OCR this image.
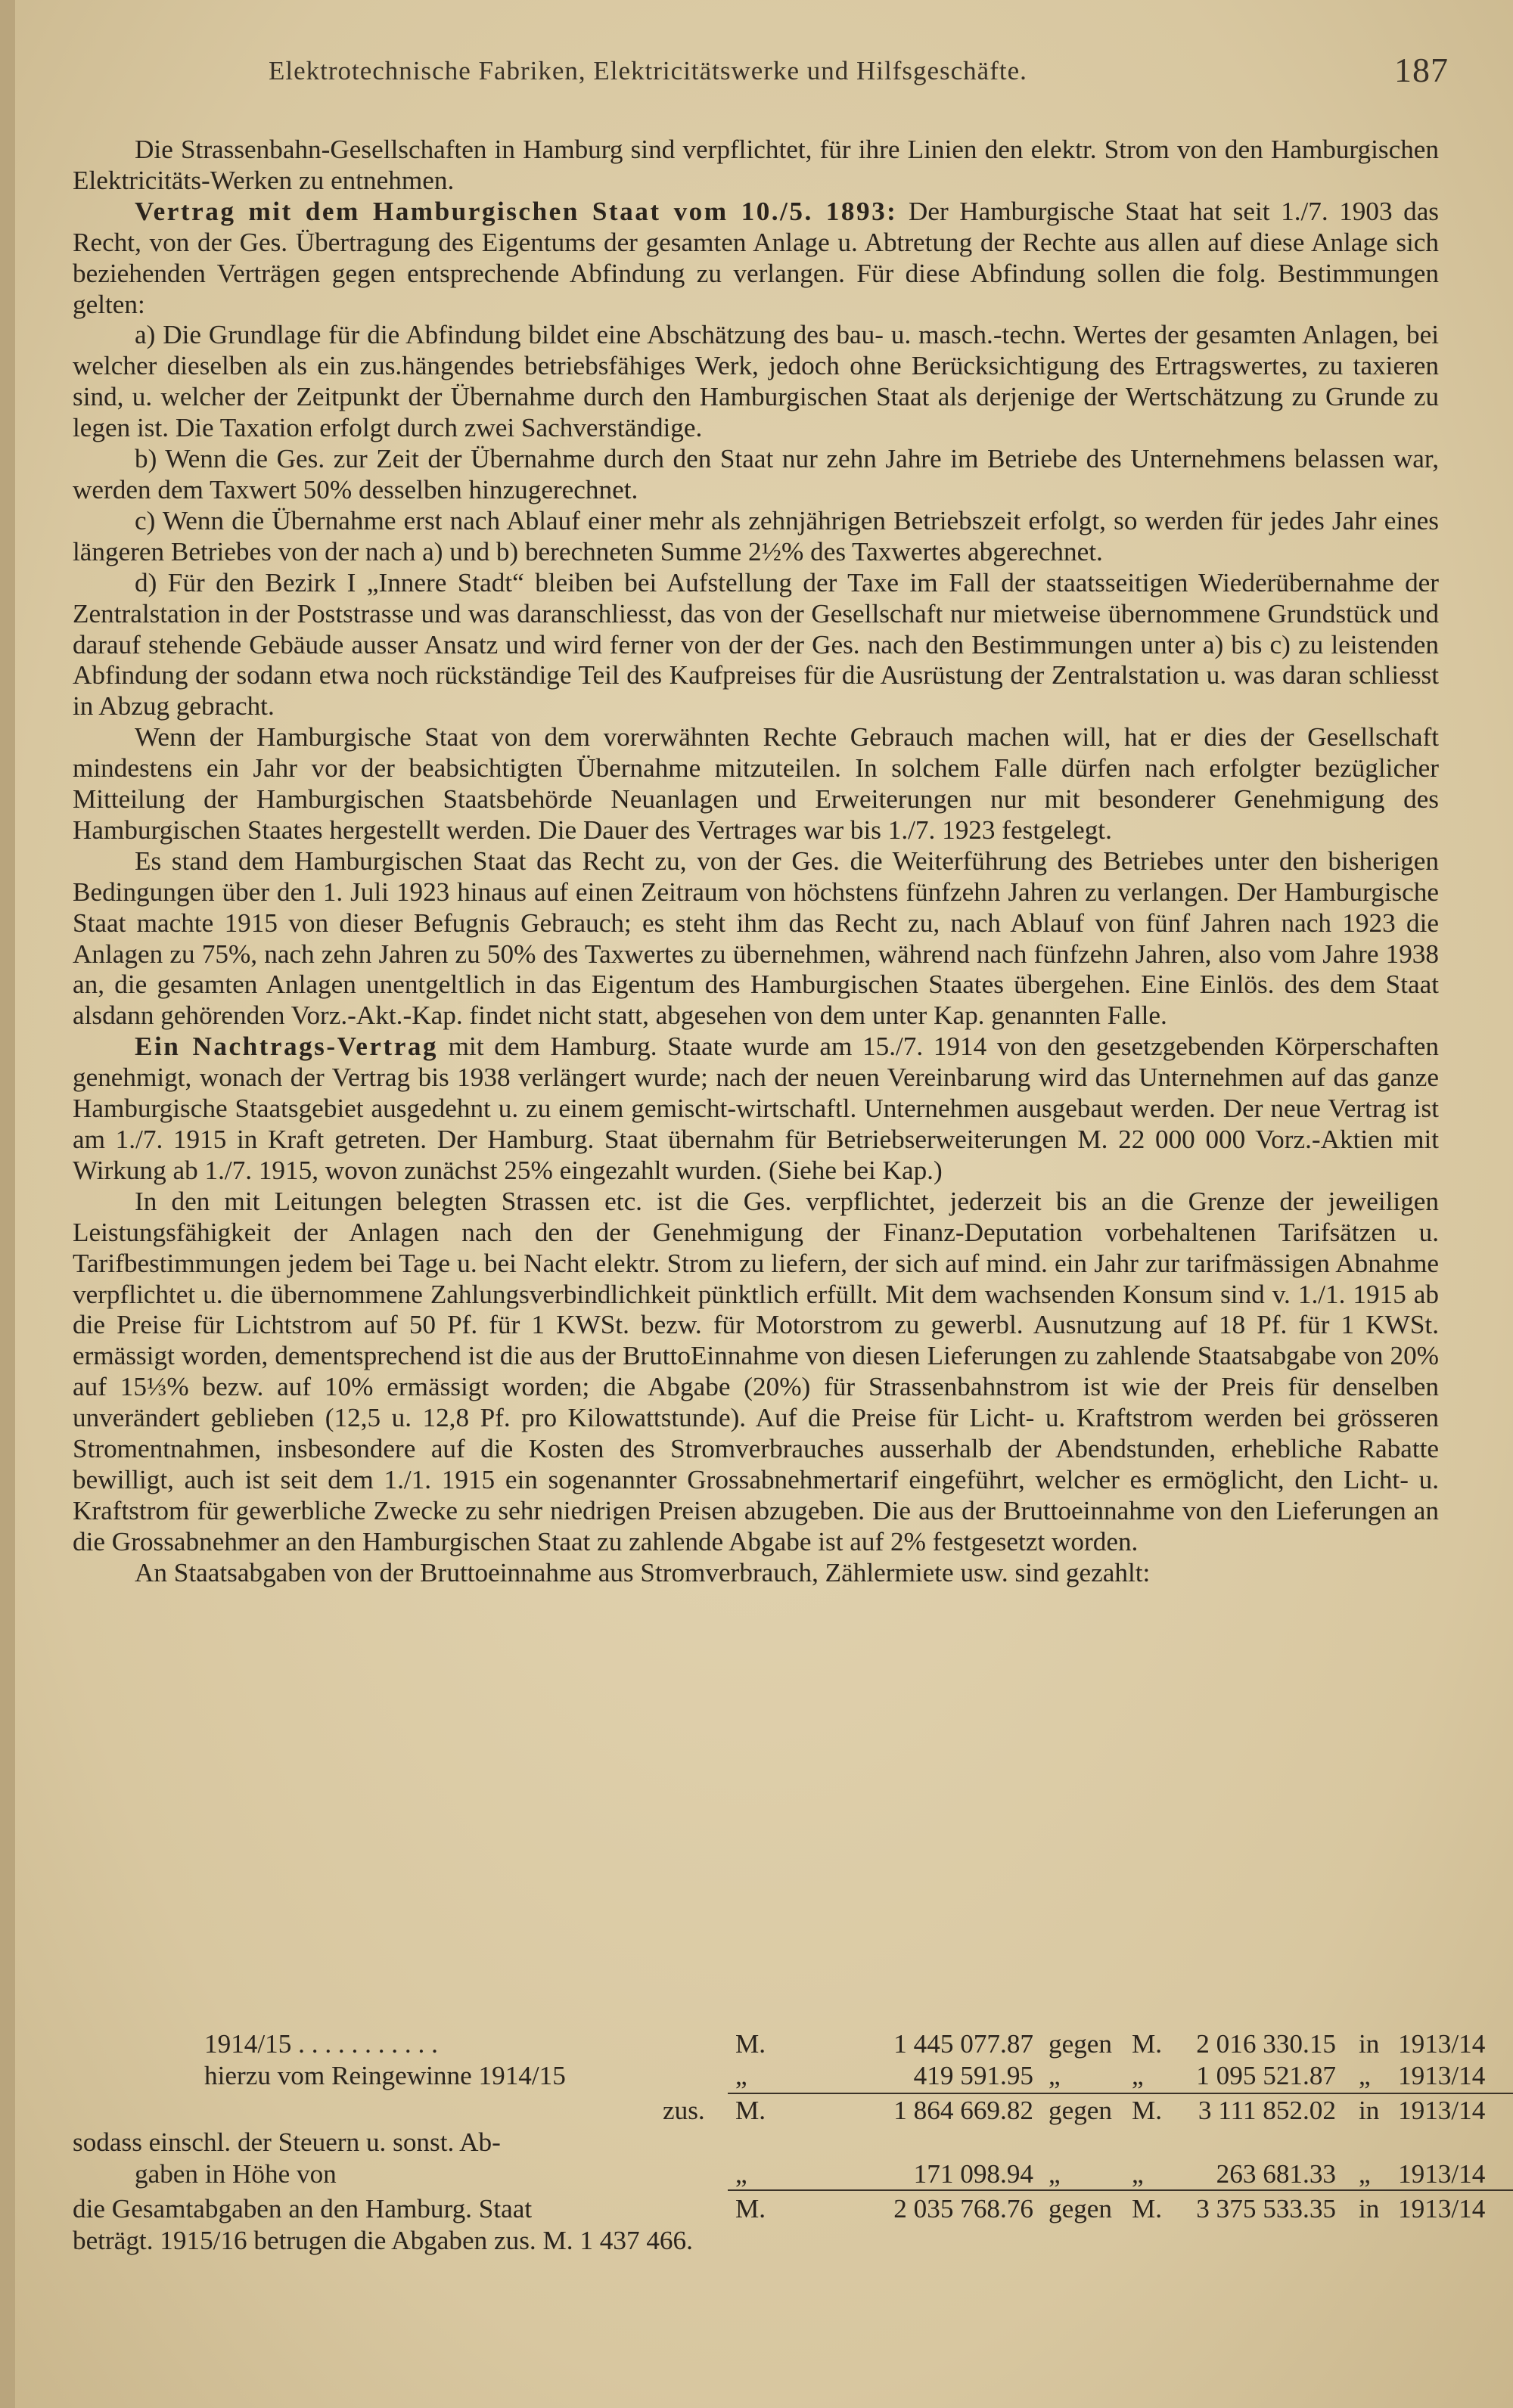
Elektrotechnische Fabriken, Elektricitätswerke und Hilfsgeschäfte.	187

Die Strassenbahn-Gesellschaften in Hamburg sind verpflichtet, für ihre Linien den elektr. Strom von den Hamburgischen Elektricitäts-Werken zu entnehmen.

Vertrag mit dem Hamburgischen Staat vom 10./5. 1893: Der Hamburgische Staat hat seit 1./7. 1903 das Recht, von der Ges. Übertragung des Eigentums der gesamten Anlage u. Abtretung der Rechte aus allen auf diese Anlage sich beziehenden Verträgen gegen entsprechende Abfindung zu verlangen. Für diese Abfindung sollen die folg. Bestimmungen gelten:

a) Die Grundlage für die Abfindung bildet eine Abschätzung des bau- u. masch.-techn. Wertes der gesamten Anlagen, bei welcher dieselben als ein zus.hängendes betriebsfähiges Werk, jedoch ohne Berücksichtigung des Ertragswertes, zu taxieren sind, u. welcher der Zeitpunkt der Übernahme durch den Hamburgischen Staat als derjenige der Wertschätzung zu Grunde zu legen ist. Die Taxation erfolgt durch zwei Sachverständige.

b) Wenn die Ges. zur Zeit der Übernahme durch den Staat nur zehn Jahre im Betriebe des Unternehmens belassen war, werden dem Taxwert 50% desselben hinzugerechnet.

c) Wenn die Übernahme erst nach Ablauf einer mehr als zehnjährigen Betriebszeit erfolgt, so werden für jedes Jahr eines längeren Betriebes von der nach a) und b) berechneten Summe 2½% des Taxwertes abgerechnet.

d) Für den Bezirk I „Innere Stadt“ bleiben bei Aufstellung der Taxe im Fall der staatsseitigen Wiederübernahme der Zentralstation in der Poststrasse und was daranschliesst, das von der Gesellschaft nur mietweise übernommene Grundstück und darauf stehende Gebäude ausser Ansatz und wird ferner von der der Ges. nach den Bestimmungen unter a) bis c) zu leistenden Abfindung der sodann etwa noch rückständige Teil des Kaufpreises für die Ausrüstung der Zentralstation u. was daran schliesst in Abzug gebracht.

Wenn der Hamburgische Staat von dem vorerwähnten Rechte Gebrauch machen will, hat er dies der Gesellschaft mindestens ein Jahr vor der beabsichtigten Übernahme mitzuteilen. In solchem Falle dürfen nach erfolgter bezüglicher Mitteilung der Hamburgischen Staatsbehörde Neuanlagen und Erweiterungen nur mit besonderer Genehmigung des Hamburgischen Staates hergestellt werden. Die Dauer des Vertrages war bis 1./7. 1923 festgelegt.

Es stand dem Hamburgischen Staat das Recht zu, von der Ges. die Weiterführung des Betriebes unter den bisherigen Bedingungen über den 1. Juli 1923 hinaus auf einen Zeitraum von höchstens fünfzehn Jahren zu verlangen. Der Hamburgische Staat machte 1915 von dieser Befugnis Gebrauch; es steht ihm das Recht zu, nach Ablauf von fünf Jahren nach 1923 die Anlagen zu 75%, nach zehn Jahren zu 50% des Taxwertes zu übernehmen, während nach fünfzehn Jahren, also vom Jahre 1938 an, die gesamten Anlagen unentgeltlich in das Eigentum des Hamburgischen Staates übergehen. Eine Einlös. des dem Staat alsdann gehörenden Vorz.-Akt.-Kap. findet nicht statt, abgesehen von dem unter Kap. genannten Falle.

Ein Nachtrags-Vertrag mit dem Hamburg. Staate wurde am 15./7. 1914 von den gesetzgebenden Körperschaften genehmigt, wonach der Vertrag bis 1938 verlängert wurde; nach der neuen Vereinbarung wird das Unternehmen auf das ganze Hamburgische Staatsgebiet ausgedehnt u. zu einem gemischt-wirtschaftl. Unternehmen ausgebaut werden. Der neue Vertrag ist am 1./7. 1915 in Kraft getreten. Der Hamburg. Staat übernahm für Betriebserweiterungen M. 22 000 000 Vorz.-Aktien mit Wirkung ab 1./7. 1915, wovon zunächst 25% eingezahlt wurden. (Siehe bei Kap.)

In den mit Leitungen belegten Strassen etc. ist die Ges. verpflichtet, jederzeit bis an die Grenze der jeweiligen Leistungsfähigkeit der Anlagen nach den der Genehmigung der Finanz-Deputation vorbehaltenen Tarifsätzen u. Tarifbestimmungen jedem bei Tage u. bei Nacht elektr. Strom zu liefern, der sich auf mind. ein Jahr zur tarifmässigen Abnahme verpflichtet u. die übernommene Zahlungsverbindlichkeit pünktlich erfüllt. Mit dem wachsenden Konsum sind v. 1./1. 1915 ab die Preise für Lichtstrom auf 50 Pf. für 1 KWSt. bezw. für Motorstrom zu gewerbl. Ausnutzung auf 18 Pf. für 1 KWSt. ermässigt worden, dementsprechend ist die aus der BruttoEinnahme von diesen Lieferungen zu zahlende Staatsabgabe von 20% auf 15⅓% bezw. auf 10% ermässigt worden; die Abgabe (20%) für Strassenbahnstrom ist wie der Preis für denselben unverändert geblieben (12,5 u. 12,8 Pf. pro Kilowattstunde). Auf die Preise für Licht- u. Kraftstrom werden bei grösseren Stromentnahmen, insbesondere auf die Kosten des Stromverbrauches ausserhalb der Abendstunden, erhebliche Rabatte bewilligt, auch ist seit dem 1./1. 1915 ein sogenannter Grossabnehmertarif eingeführt, welcher es ermöglicht, den Licht- u. Kraftstrom für gewerbliche Zwecke zu sehr niedrigen Preisen abzugeben. Die aus der Bruttoeinnahme von den Lieferungen an die Grossabnehmer an den Hamburgischen Staat zu zahlende Abgabe ist auf 2% festgesetzt worden.

An Staatsabgaben von der Bruttoeinnahme aus Stromverbrauch, Zählermiete usw. sind gezahlt:

1914/15 . . . . . . . . . . .	M.	1 445 077.87 gegen M.	2 016 330.15 in 1913/14
hierzu vom Reingewinne 1914/15	„	419 591.95 „	„	1 095 521.87 „ 1913/14
zus. M.	1 864 669.82 gegen M.	3 111 852.02 in 1913/14
sodass einschl. der Steuern u. sonst. Ab-
gaben in Höhe von	„	171 098.94 „	„	263 681.33 „ 1913/14
die Gesamtabgaben an den Hamburg. Staat	M.	2 035 768.76 gegen M.	3 375 533.35 in 1913/14
beträgt. 1915/16 betrugen die Abgaben zus. M. 1 437 466.
